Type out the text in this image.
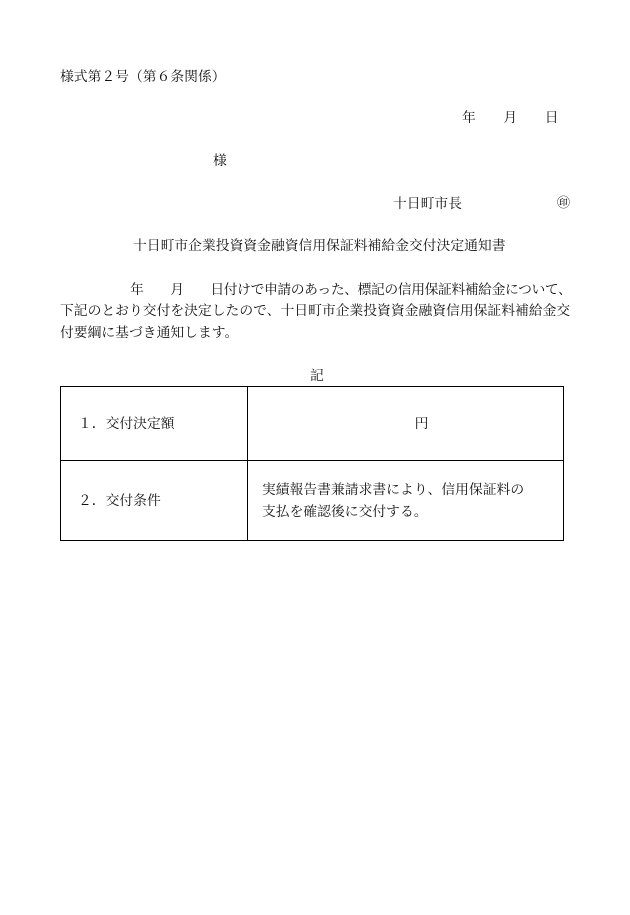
様式第２号（第６条関係）
年　　月　　日
様
十日町市長	㊞
十日町市企業投資資金融資信用保証料補給金交付決定通知書
年　　月　　日付けで申請のあった、標記の信用保証料補給金について、
下記のとおり交付を決定したので、十日町市企業投資資金融資信用保証料補給金交
付要綱に基づき通知します。
記
１．交付決定額	円
２．交付条件
実績報告書兼請求書により、信用保証料の
支払を確認後に交付する。
